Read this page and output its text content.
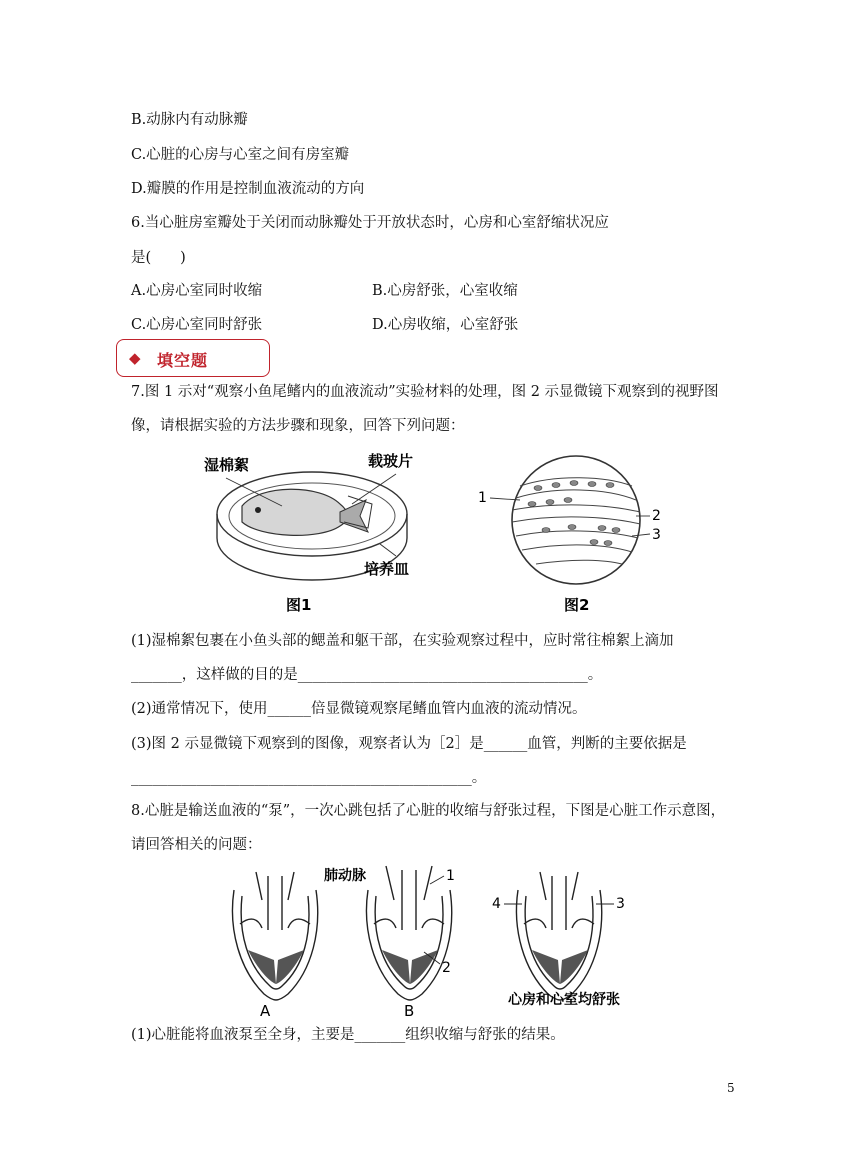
B.动脉内有动脉瓣
C.心脏的心房与心室之间有房室瓣
D.瓣膜的作用是控制血液流动的方向
6.当心脏房室瓣处于关闭而动脉瓣处于开放状态时，心房和心室舒缩状况应
是(　　)
A.心房心室同时收缩	B.心房舒张，心室收缩
C.心房心室同时舒张	D.心房收缩，心室舒张
◆ 填空题
7.图 1 示对“观察小鱼尾鳍内的血液流动”实验材料的处理，图 2 示显微镜下观察到的视野图
像，请根据实验的方法步骤和现象，回答下列问题：
湿棉絮	载玻片
培养皿
图1
1
2
3
图2
(1)湿棉絮包裹在小鱼头部的鳃盖和躯干部，在实验观察过程中，应时常往棉絮上滴加
_______，这样做的目的是________________________________________。
(2)通常情况下，使用______倍显微镜观察尾鳍血管内血液的流动情况。
(3)图 2 示显微镜下观察到的图像，观察者认为［2］是______血管，判断的主要依据是
_______________________________________________。
8.心脏是输送血液的“泵”，一次心跳包括了心脏的收缩与舒张过程，下图是心脏工作示意图，
请回答相关的问题：
肺动脉	1
2
3
4
A	B
心房和心室均舒张
(1)心脏能将血液泵至全身，主要是_______组织收缩与舒张的结果。
5
